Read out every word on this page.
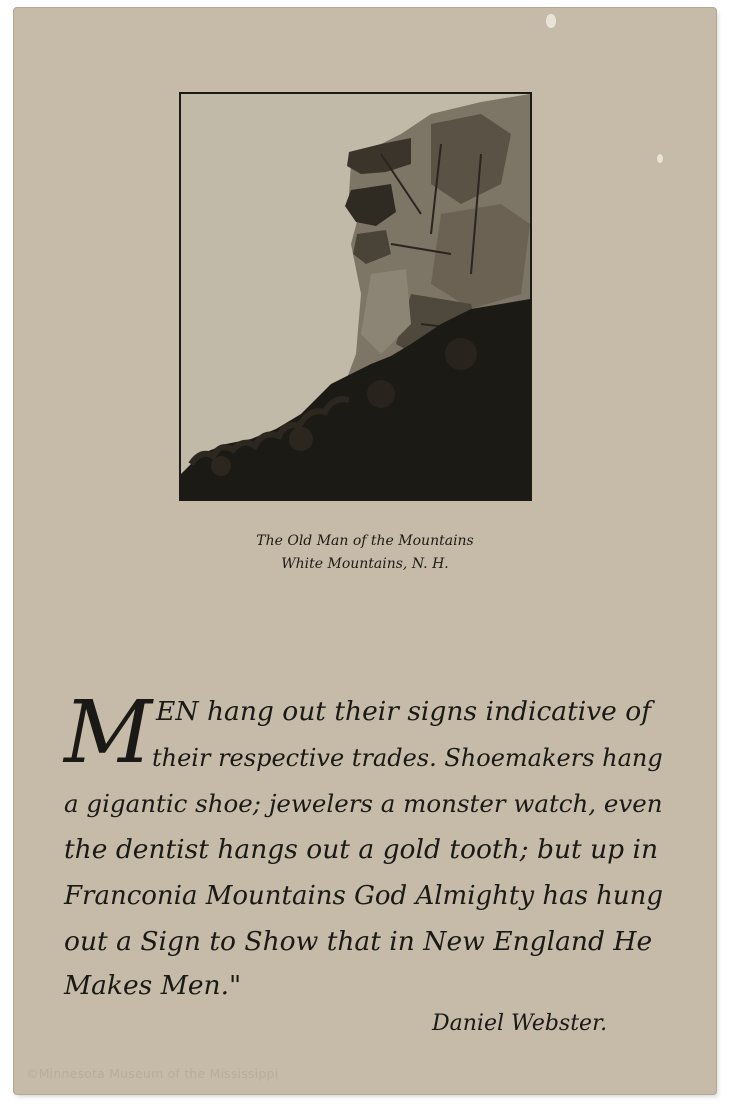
The Old Man of the Mountains
White Mountains, N. H.
M EN hang out their signs indicative of
their respective trades. Shoemakers hang
a gigantic shoe; jewelers a monster watch, even
the dentist hangs out a gold tooth; but up in
Franconia Mountains God Almighty has hung
out a Sign to Show that in New England He
Makes Men."
Daniel Webster.
©Minnesota Museum of the Mississippi
